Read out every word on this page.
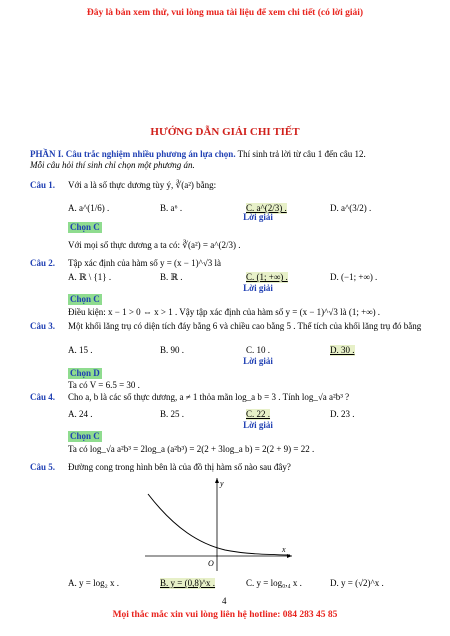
Đây là bản xem thử, vui lòng mua tài liệu để xem chi tiết (có lời giải)
Mọi thắc mắc xin vui lòng liên hệ hotline: 084 283 45 85
4
HƯỚNG DẪN GIẢI CHI TIẾT
PHẦN I. Câu trắc nghiệm nhiều phương án lựa chọn. Thí sinh trả lời từ câu 1 đến câu 12.
Mỗi câu hỏi thí sinh chỉ chọn một phương án.
Câu 1. Với a là số thực dương tùy ý, ∛(a²) bằng:
A. a^(1/6) .	B. a⁶ .	C. a^(2/3) .	D. a^(3/2) .
Lời giải
Chọn C
Với mọi số thực dương a ta có: ∛(a²) = a^(2/3) .
Câu 2. Tập xác định của hàm số y = (x − 1)^√3 là
A. ℝ \ {1} .	B. ℝ .	C. (1; +∞) .	D. (−1; +∞) .
Lời giải
Chọn C
Điều kiện: x − 1 > 0 ⇔ x > 1 . Vậy tập xác định của hàm số y = (x − 1)^√3 là (1; +∞) .
Câu 3. Một khối lăng trụ có diện tích đáy bằng 6 và chiều cao bằng 5 . Thể tích của khối lăng trụ đó bằng
A. 15 .	B. 90 .	C. 10 .	D. 30 .
Lời giải
Chọn D
Ta có V = 6.5 = 30 .
Câu 4. Cho a, b là các số thực dương, a ≠ 1 thỏa mãn log_a b = 3 . Tính log_√a a²b³ ?
A. 24 .	B. 25 .	C. 22 .	D. 23 .
Lời giải
Chọn C
Ta có log_√a a²b³ = 2log_a (a²b³) = 2(2 + 3log_a b) = 2(2 + 9) = 22 .
Câu 5. Đường cong trong hình bên là của đồ thị hàm số nào sau đây?
y
x
O
A. y = log₂ x .	B. y = (0,8)^x .	C. y = log₀,₄ x .	D. y = (√2)^x .
